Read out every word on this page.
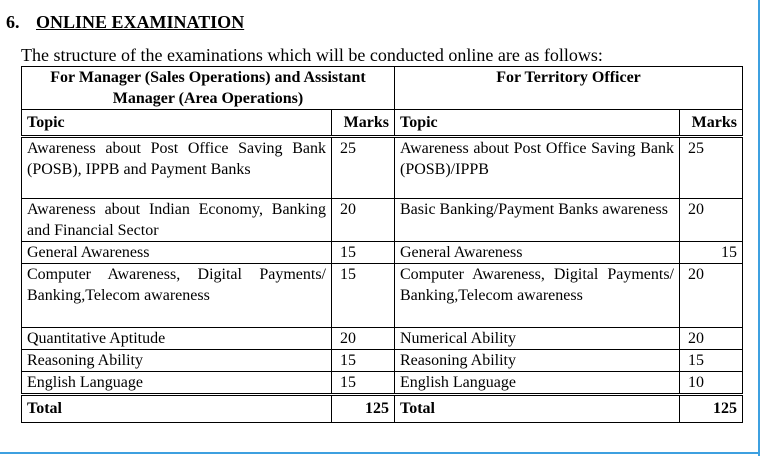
6. ONLINE EXAMINATION
The structure of the examinations which will be conducted online are as follows:
For Manager (Sales Operations) and Assistant Manager (Area Operations)		For Territory Officer	
Topic	Marks	Topic	Marks
Awareness about Post Office Saving Bank (POSB), IPPB and Payment Banks	25	Awareness about Post Office Saving Bank (POSB)/IPPB	25
Awareness about Indian Economy, Banking and Financial Sector	20	Basic Banking/Payment Banks awareness	20
General Awareness	15	General Awareness	15
Computer Awareness, Digital Payments/ Banking,Telecom awareness	15	Computer Awareness, Digital Payments/ Banking,Telecom awareness	20
Quantitative Aptitude	20	Numerical Ability	20
Reasoning Ability	15	Reasoning Ability	15
English Language	15	English Language	10
Total	125	Total	125
